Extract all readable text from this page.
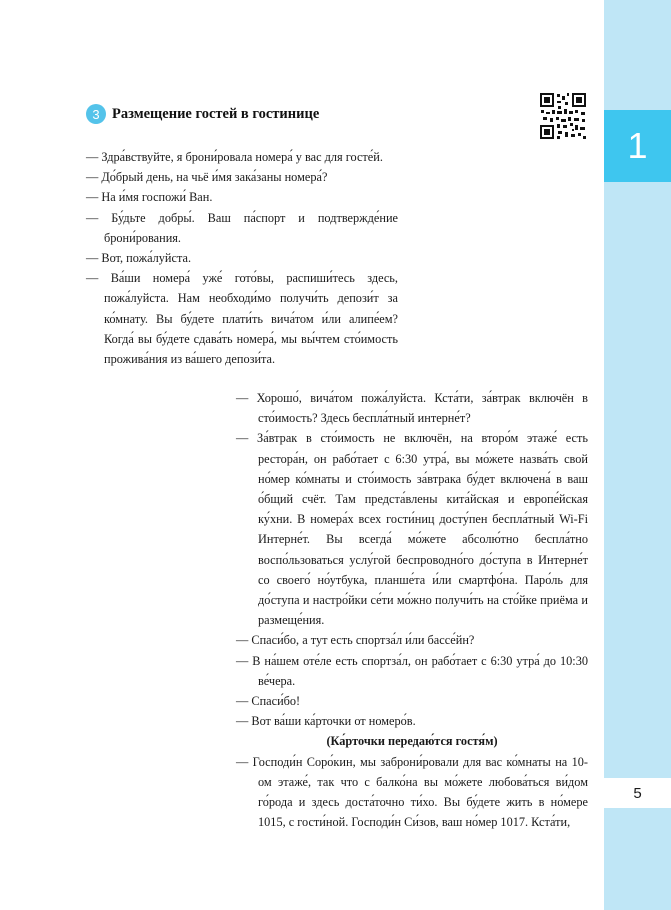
1
5
3 Размещение гостей в гостинице

— Здра́вствуйте, я брони́ровала номера́ у вас для госте́й.

— До́брый день, на чьё и́мя зака́заны номера́?

— На и́мя госпожи́ Ван.

— Бу́дьте добры́. Ваш па́спорт и подтвержде́ние брони́рования.

— Вот, пожа́луйста.

— Ва́ши номера́ уже́ гото́вы, распиши́тесь здесь, пожа́луйста. Нам необходи́мо получи́ть депози́т за ко́мнату. Вы бу́дете плати́ть вича́том и́ли алипе́ем? Когда́ вы бу́дете сдава́ть номера́, мы вы́чтем сто́имость прожива́ния из ва́шего депози́та.

— Хорошо́, вича́том пожа́луйста. Кста́ти, за́втрак включён в сто́имость? Здесь беспла́тный интерне́т?

— За́втрак в сто́имость не включён, на второ́м этаже́ есть рестора́н, он рабо́тает с 6:30 утра́, вы мо́жете назва́ть свой но́мер ко́мнаты и сто́имость за́втрака бу́дет включена́ в ваш о́бщий счёт. Там предста́влены кита́йская и европе́йская ку́хни. В номера́х всех гости́ниц досту́пен беспла́тный Wi-Fi Интерне́т. Вы всегда́ мо́жете абсолю́тно беспла́тно воспо́льзоваться услу́гой беспроводно́го до́ступа в Интерне́т со своего́ но́утбука, планше́та и́ли смартфо́на. Паро́ль для до́ступа и настро́йки се́ти мо́жно получи́ть на сто́йке приёма и размеще́ния.

— Спаси́бо, а тут есть спортза́л и́ли бассе́йн?

— В на́шем оте́ле есть спортза́л, он рабо́тает с 6:30 утра́ до 10:30 ве́чера.

— Спаси́бо!

— Вот ва́ши ка́рточки от номеро́в.

(Ка́рточки передаю́тся гостя́м)

— Господи́н Соро́кин, мы заброни́ровали для вас ко́мнаты на 10-ом этаже́, так что с балко́на вы мо́жете любова́ться ви́дом го́рода и здесь доста́точно ти́хо. Вы бу́дете жить в но́мере 1015, с гости́ной. Господи́н Си́зов, ваш но́мер 1017. Кста́ти,
